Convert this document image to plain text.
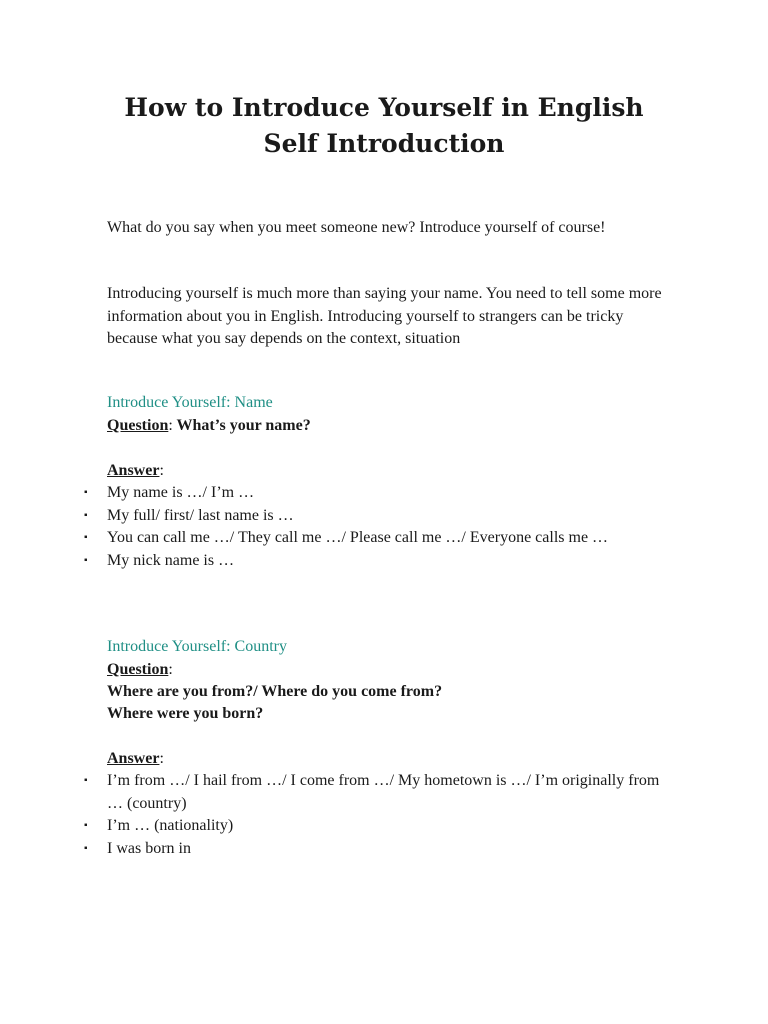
How to Introduce Yourself in English
Self Introduction
What do you say when you meet someone new? Introduce yourself of course!
Introducing yourself is much more than saying your name. You need to tell some more information about you in English. Introducing yourself to strangers can be tricky because what you say depends on the context, situation
Introduce Yourself: Name
Question: What’s your name?
Answer:
▪ My name is …/ I’m …
▪ My full/ first/ last name is …
▪ You can call me …/ They call me …/ Please call me …/ Everyone calls me …
▪ My nick name is …
Introduce Yourself: Country
Question:
Where are you from?/ Where do you come from?
Where were you born?
Answer:
▪ I’m from …/ I hail from …/ I come from …/ My hometown is …/ I’m originally from … (country)
▪ I’m … (nationality)
▪ I was born in
